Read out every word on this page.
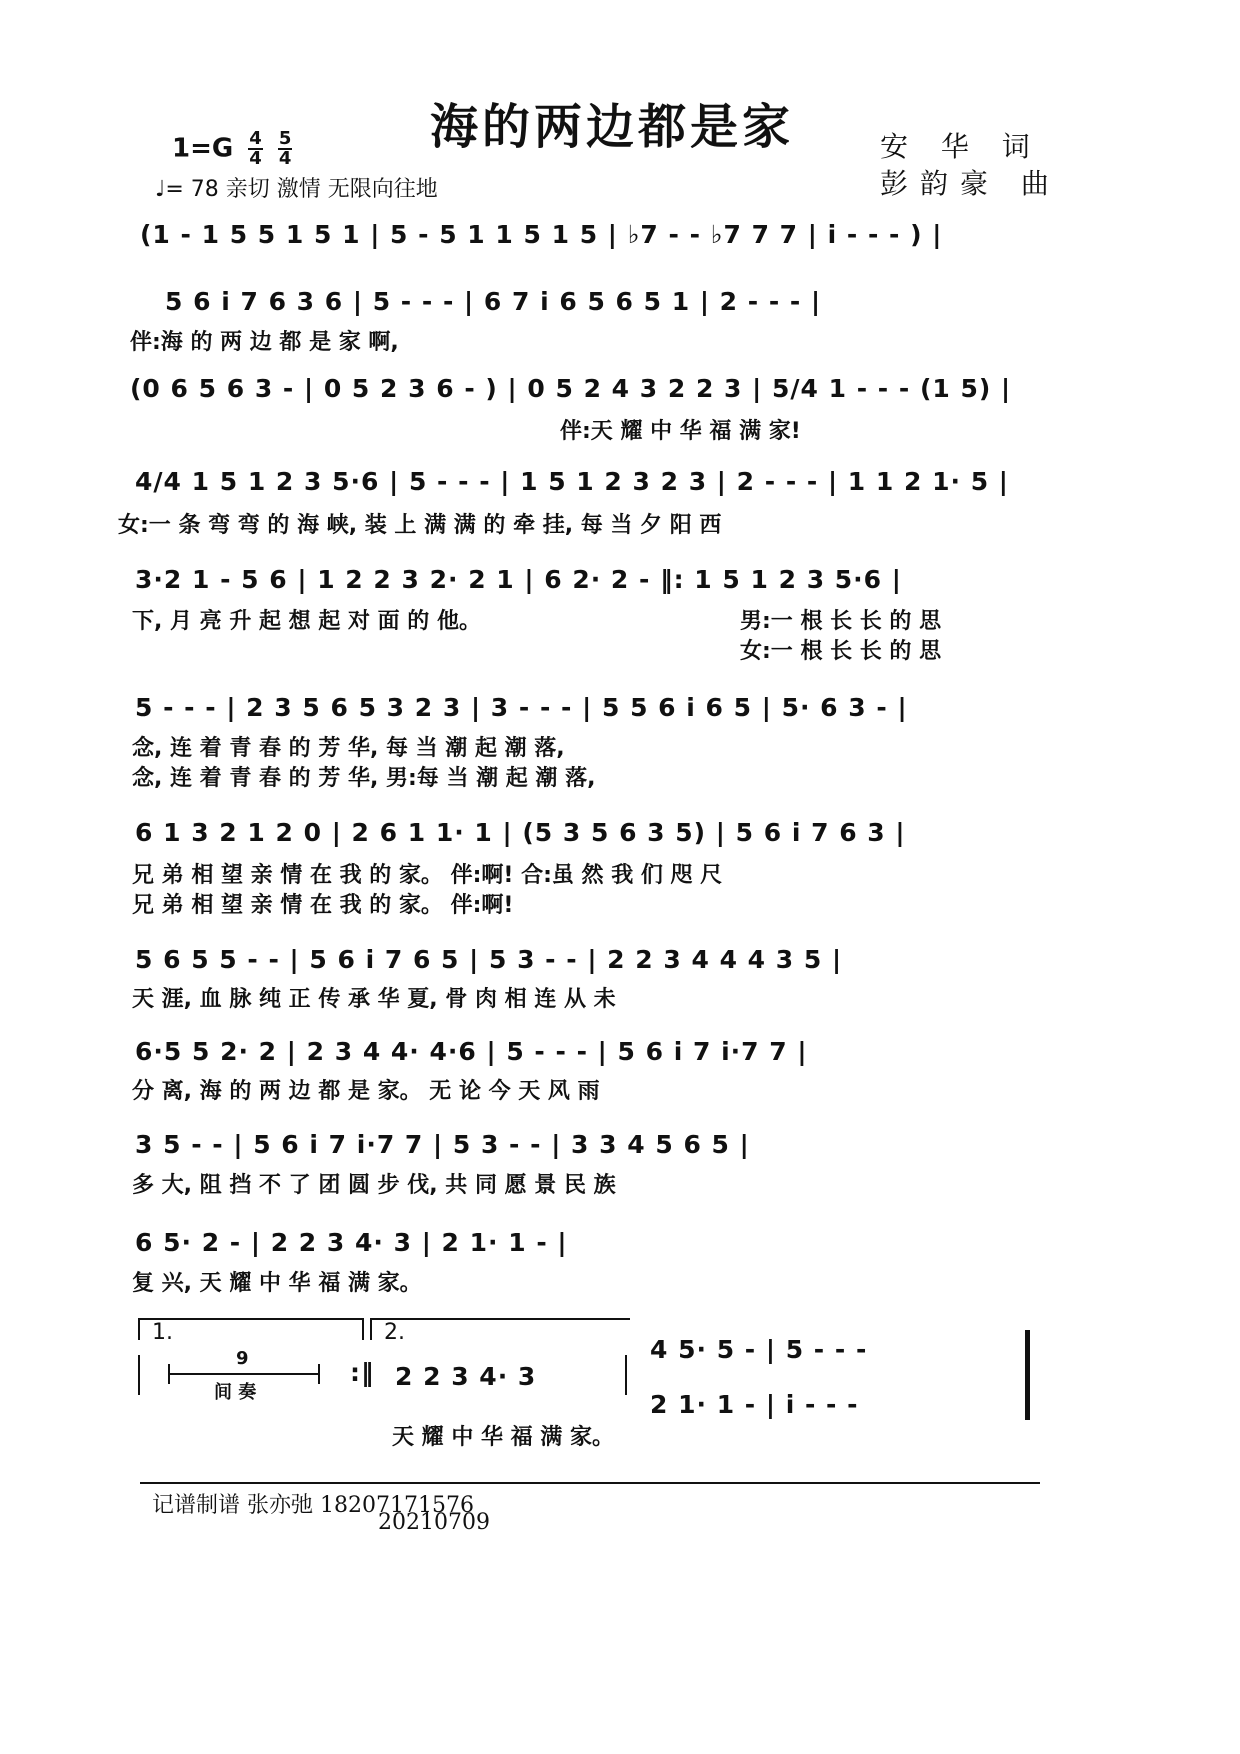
海的两边都是家
$1=G \frac{4}{4}$
$\frac{5}{4}$
♩= 78 亲切 激情 无限向往地
安 华 词
彭韵豪 曲
(1 - 1 5 5 1 5 1 | 5 - 5 1 1 5 1 5 | ♭7 - - ♭7 7 7 | i - - - ) |
5 6 i 7 6 3 6 | 5 - - - | 6 7 i 6 5 6 5 1 | 2 - - - |
伴:海 的 两 边 都 是 家 啊,
(0 6 5 6 3 - | 0 5 2 3 6 - ) | 0 5 2 4 3 2 2 3 | 5/4 1 - - - (1 5) |
伴:天 耀 中 华 福 满 家!
4/4 1 5 1 2 3 5·6 | 5 - - - | 1 5 1 2 3 2 3 | 2 - - - | 1 1 2 1· 5 |
女:一 条 弯 弯 的 海 峡, 装 上 满 满 的 牵 挂, 每 当 夕 阳 西
3·2 1 - 5 6 | 1 2 2 3 2· 2 1 | 6 2· 2 - ‖: 1 5 1 2 3 5·6 |
下, 月 亮 升 起 想 起 对 面 的 他。	男:一 根 长 长 的 思
女:一 根 长 长 的 思
5 - - - | 2 3 5 6 5 3 2 3 | 3 - - - | 5 5 6 i 6 5 | 5· 6 3 - |
念, 连 着 青 春 的 芳 华, 每 当 潮 起 潮 落,
念, 连 着 青 春 的 芳 华, 男:每 当 潮 起 潮 落,
6 1 3 2 1 2 0 | 2 6 1 1· 1 | (5 3 5 6 3 5) | 5 6 i 7 6 3 |
兄 弟 相 望 亲 情 在 我 的 家。 伴:啊! 合:虽 然 我 们 咫 尺
兄 弟 相 望 亲 情 在 我 的 家。 伴:啊!
5 6 5 5 - - | 5 6 i 7 6 5 | 5 3 - - | 2 2 3 4 4 4 3 5 |
天 涯, 血 脉 纯 正 传 承 华 夏, 骨 肉 相 连 从 未
6·5 5 2· 2 | 2 3 4 4· 4·6 | 5 - - - | 5 6 i 7 i·7 7 |
分 离, 海 的 两 边 都 是 家。 无 论 今 天 风 雨
3 5 - - | 5 6 i 7 i·7 7 | 5 3 - - | 3 3 4 5 6 5 |
多 大, 阻 挡 不 了 团 圆 步 伐, 共 同 愿 景 民 族
6 5· 2 - | 2 2 3 4· 3 | 2 1· 1 - |
复 兴, 天 耀 中 华 福 满 家。
1.	2.
9
间 奏
:‖ 2 2 3 4· 3
4 5· 5 - | 5 - - -
2 1· 1 - | i - - -
天 耀 中 华 福 满 家。
记谱制谱 张亦弛 18207171576
20210709
